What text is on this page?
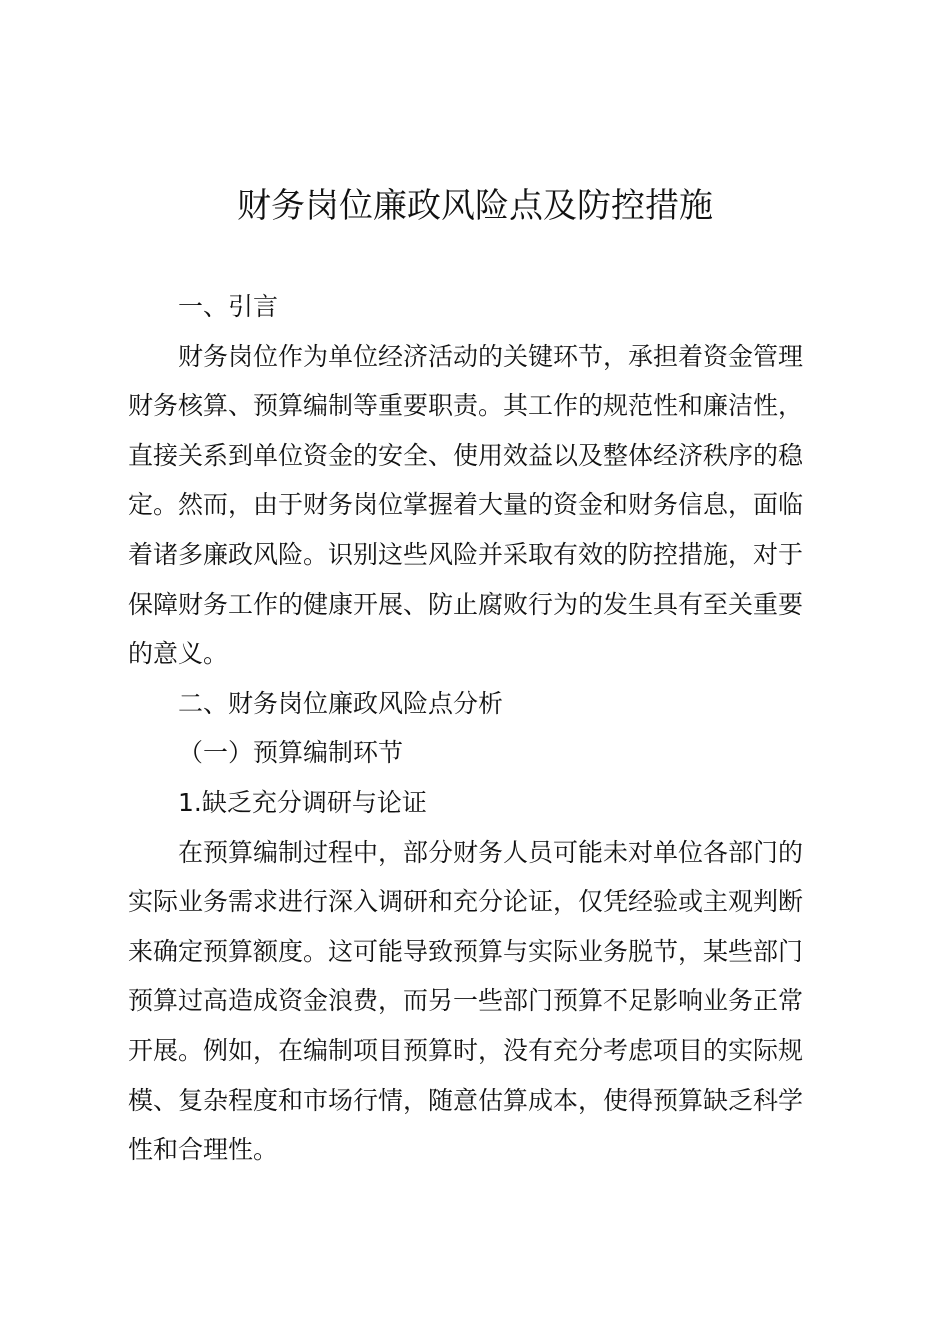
财务岗位廉政风险点及防控措施
一、引言
财务岗位作为单位经济活动的关键环节，承担着资金管理
财务核算、预算编制等重要职责。其工作的规范性和廉洁性，
直接关系到单位资金的安全、使用效益以及整体经济秩序的稳
定。然而，由于财务岗位掌握着大量的资金和财务信息，面临
着诸多廉政风险。识别这些风险并采取有效的防控措施，对于
保障财务工作的健康开展、防止腐败行为的发生具有至关重要
的意义。
二、财务岗位廉政风险点分析
（一）预算编制环节
1.缺乏充分调研与论证
在预算编制过程中，部分财务人员可能未对单位各部门的
实际业务需求进行深入调研和充分论证，仅凭经验或主观判断
来确定预算额度。这可能导致预算与实际业务脱节，某些部门
预算过高造成资金浪费，而另一些部门预算不足影响业务正常
开展。例如，在编制项目预算时，没有充分考虑项目的实际规
模、复杂程度和市场行情，随意估算成本，使得预算缺乏科学
性和合理性。
